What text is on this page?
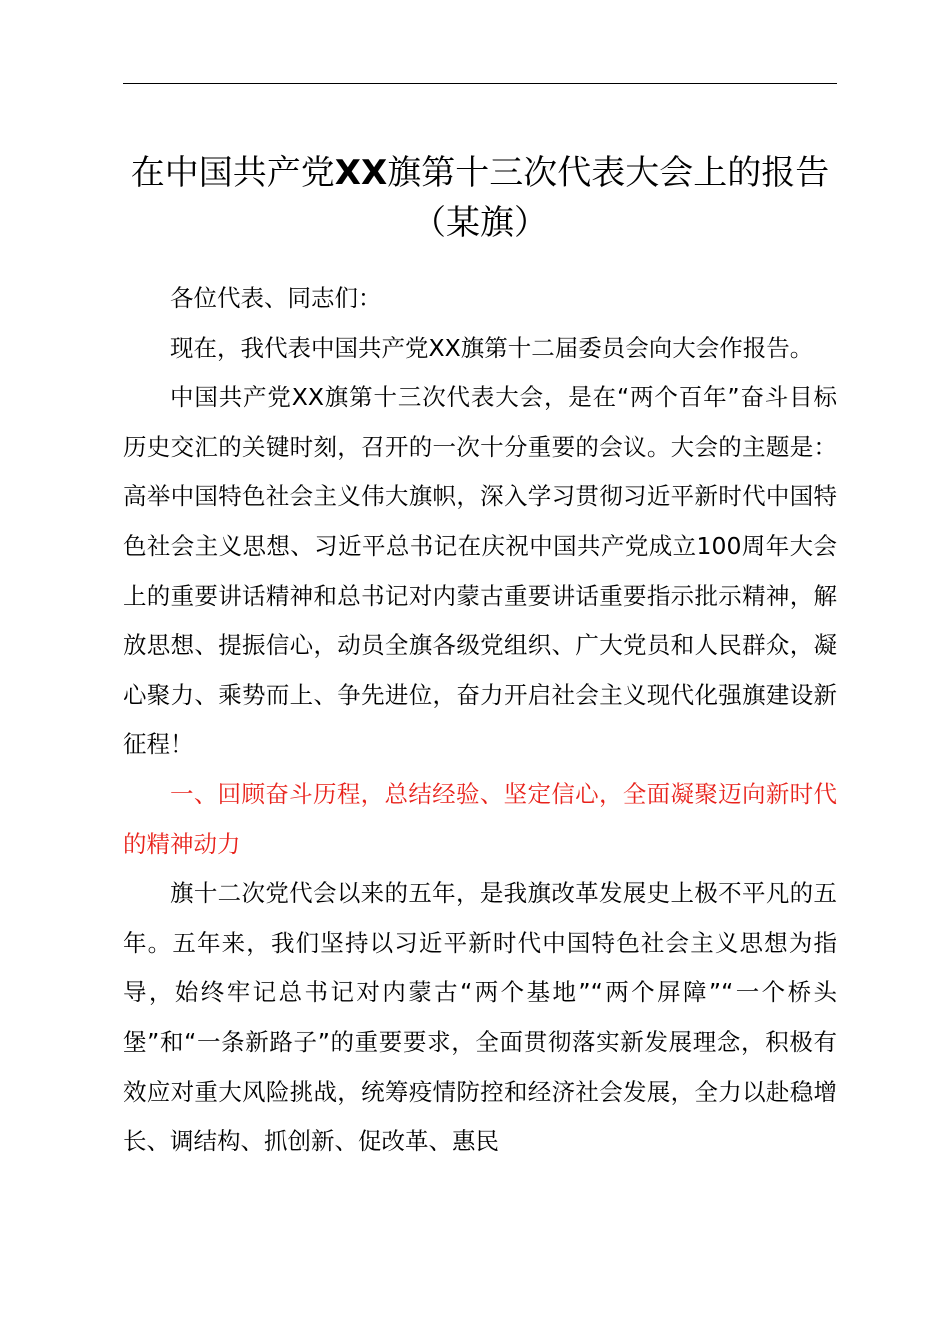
在中国共产党XX旗第十三次代表大会上的报告（某旗）

各位代表、同志们：

现在，我代表中国共产党XX旗第十二届委员会向大会作报告。

中国共产党XX旗第十三次代表大会，是在“两个百年”奋斗目标历史交汇的关键时刻，召开的一次十分重要的会议。大会的主题是：高举中国特色社会主义伟大旗帜，深入学习贯彻习近平新时代中国特色社会主义思想、习近平总书记在庆祝中国共产党成立100周年大会上的重要讲话精神和总书记对内蒙古重要讲话重要指示批示精神，解放思想、提振信心，动员全旗各级党组织、广大党员和人民群众，凝心聚力、乘势而上、争先进位，奋力开启社会主义现代化强旗建设新征程！

一、回顾奋斗历程，总结经验、坚定信心，全面凝聚迈向新时代的精神动力

旗十二次党代会以来的五年，是我旗改革发展史上极不平凡的五年。五年来，我们坚持以习近平新时代中国特色社会主义思想为指导，始终牢记总书记对内蒙古“两个基地”“两个屏障”“一个桥头堡”和“一条新路子”的重要要求，全面贯彻落实新发展理念，积极有效应对重大风险挑战，统筹疫情防控和经济社会发展，全力以赴稳增长、调结构、抓创新、促改革、惠民
